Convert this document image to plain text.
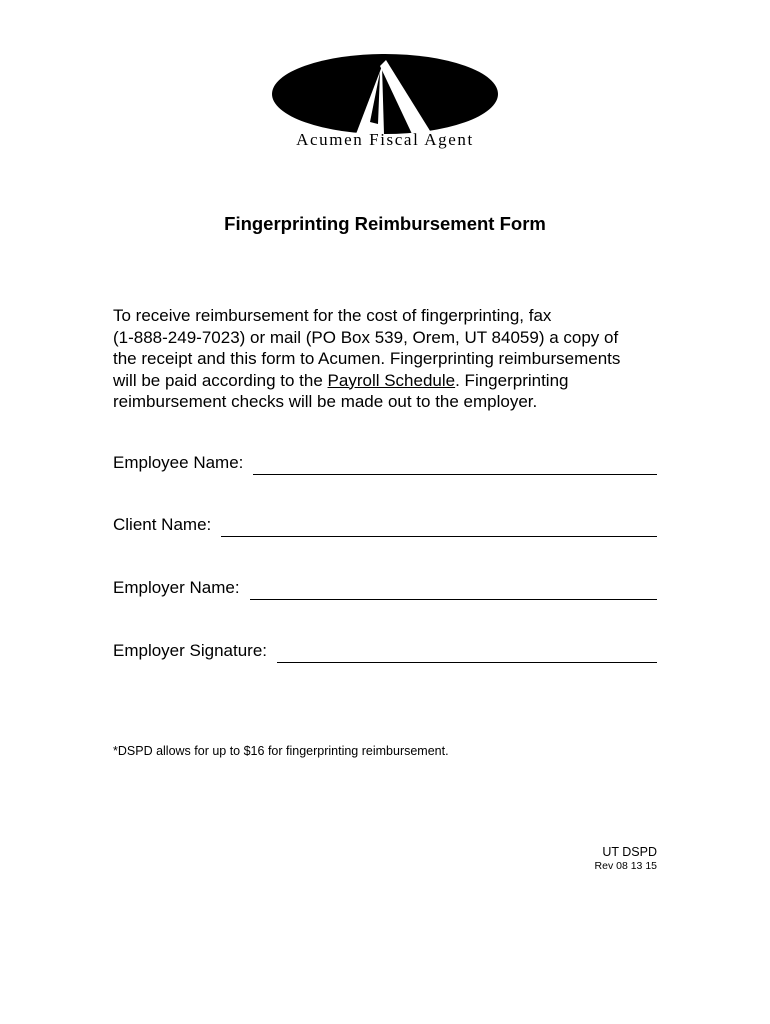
Acumen Fiscal Agent
Fingerprinting Reimbursement Form

To receive reimbursement for the cost of fingerprinting, fax

(1-888-249-7023) or mail (PO Box 539, Orem, UT 84059) a copy of

the receipt and this form to Acumen. Fingerprinting reimbursements

will be paid according to the Payroll Schedule. Fingerprinting

reimbursement checks will be made out to the employer.

Employee Name:
Client Name:
Employer Name:
Employer Signature:
*DSPD allows for up to $16 for fingerprinting reimbursement.
UT DSPD
Rev 08 13 15
